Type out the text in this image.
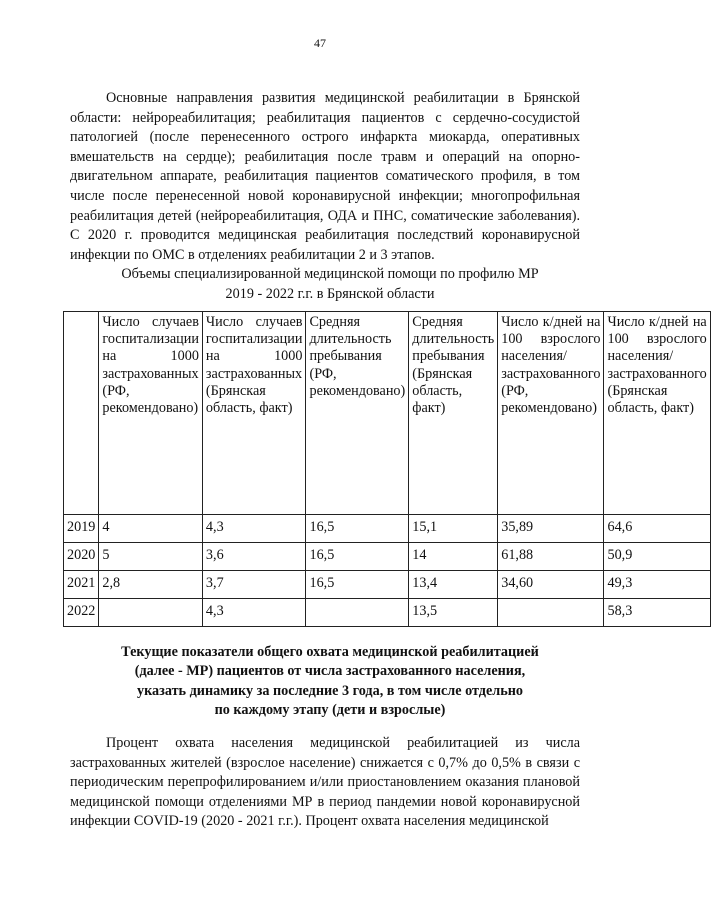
47

Основные направления развития медицинской реабилитации в Брянской области: нейрореабилитация; реабилитация пациентов с сердечно-сосудистой патологией (после перенесенного острого инфаркта миокарда, оперативных вмешательств на сердце); реабилитация после травм и операций на опорно-двигательном аппарате, реабилитация пациентов соматического профиля, в том числе после перенесенной новой коронавирусной инфекции; многопрофильная реабилитация детей (нейрореабилитация, ОДА и ПНС, соматические заболевания). С 2020 г. проводится медицинская реабилитация последствий коронавирусной инфекции по ОМС в отделениях реабилитации 2 и 3 этапов.

Объемы специализированной медицинской помощи по профилю МР
2019 - 2022 г.г. в Брянской области
	Число случаев госпитализации на 1000 застрахованных (РФ, рекомендовано)	Число случаев госпитализации на 1000 застрахованных (Брянская область, факт)	Средняя длительность пребывания (РФ, рекомендовано)	Средняя длительность пребывания (Брянская область, факт)	Число к/дней на 100 взрослого населения/застрахованного (РФ, рекомендовано)	Число к/дней на 100 взрослого населения/застрахованного (Брянская область, факт)
2019	4	4,3	16,5	15,1	35,89	64,6
2020	5	3,6	16,5	14	61,88	50,9
2021	2,8	3,7	16,5	13,4	34,60	49,3
2022		4,3		13,5		58,3
Текущие показатели общего охвата медицинской реабилитацией
(далее - МР) пациентов от числа застрахованного населения,
указать динамику за последние 3 года, в том числе отдельно
по каждому этапу (дети и взрослые)

Процент охвата населения медицинской реабилитацией из числа застрахованных жителей (взрослое население) снижается с 0,7% до 0,5% в связи с периодическим перепрофилированием и/или приостановлением оказания плановой медицинской помощи отделениями МР в период пандемии новой коронавирусной инфекции COVID-19 (2020 - 2021 г.г.). Процент охвата населения медицинской
